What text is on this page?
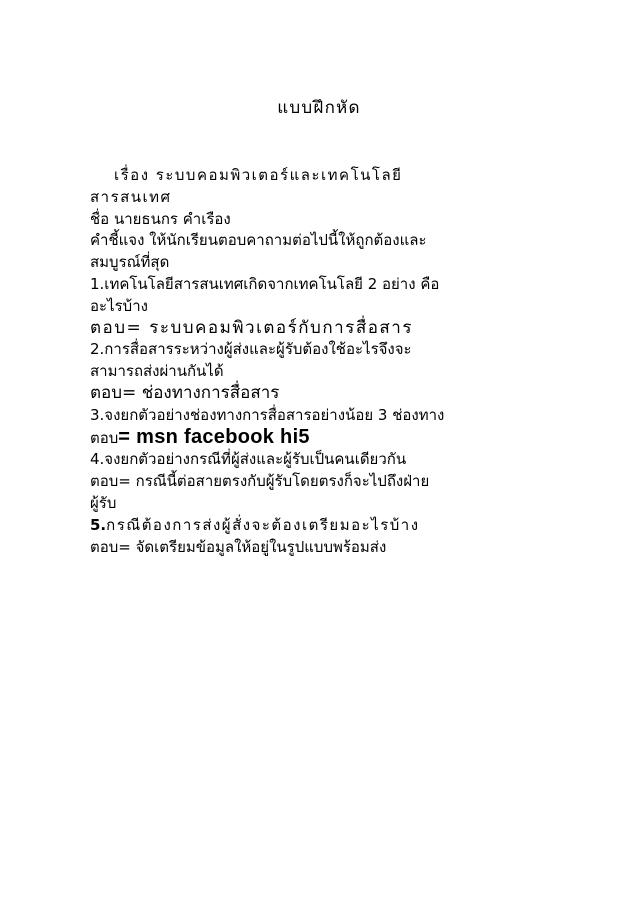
แบบฝึกหัด
เรื่อง ระบบคอมพิวเตอร์และเทคโนโลยี
สารสนเทศ
ชื่อ นายธนกร คำเรือง
คำชี้แจง ให้นักเรียนตอบคาถามต่อไปนี้ให้ถูกต้องและ
สมบูรณ์ที่สุด
1.เทคโนโลยีสารสนเทศเกิดจากเทคโนโลยี 2 อย่าง คือ
อะไรบ้าง
ตอบ= ระบบคอมพิวเตอร์กับการสื่อสาร
2.การสื่อสารระหว่างผู้ส่งและผู้รับต้องใช้อะไรจึงจะ
สามารถส่งผ่านกันได้
ตอบ= ช่องทางการสื่อสาร
3.จงยกตัวอย่างช่องทางการสื่อสารอย่างน้อย 3 ช่องทาง
ตอบ= msn facebook hi5
4.จงยกตัวอย่างกรณีที่ผู้ส่งและผู้รับเป็นคนเดียวกัน
ตอบ= กรณีนี้ต่อสายตรงกับผู้รับโดยตรงก็จะไปถึงฝ่าย
ผู้รับ
5.กรณีต้องการส่งผู้สั่งจะต้องเตรียมอะไรบ้าง
ตอบ= จัดเตรียมข้อมูลให้อยู่ในรูปแบบพร้อมส่ง
